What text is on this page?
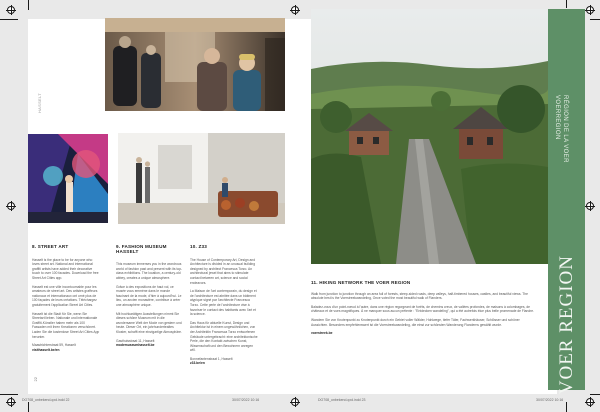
HASSELT
8. STREET ART

Hasselt is the place to be for anyone who loves street art. National and international graffiti artists have added their decorative touch to over 100 facades. Download the free Street Art Cities app.

Hasselt est une ville incontournable pour les amateurs de street art. Des artistes graffeurs nationaux et internationaux ont orné plus de 100 façades de leurs créations. Téléchargez gratuitement l'application Street Art Cities.

Hasselt ist die Stadt für Sie, wenn Sie Streetart lieben. Nationale und internationale Graffiti-Künstler haben mehr als 100 Fassaden mit ihren Kreationen verschönert. Laden Sie die kostenlose Street Art Cities App herunter.

Maastrichterstraat 59, Hasselt
visithasselt.be/en
9. FASHION MUSEUM HASSELT

This museum immerses you in the wondrous world of fashion past and present with its top-class exhibitions. The location, a century-old abbey, creates a unique atmosphere.

Grâce à des expositions de haut vol, ce musée vous emmène dans le monde fascinant de la mode, d'hier à aujourd'hui. Le lieu, un ancien monastère, contribue à créer une atmosphère unique.

Mit hochkarätigen Ausstellungen nimmt Sie dieses schöne Museum mit in die wundersame Welt der Mode von gestern und heute. Dieser Ort, ein jahrhundertealtes Kloster, schafft eine einzigartige Atmosphäre.

Gasthuisstraat 11, Hasselt
modemuseumhasselt.be
10. Z33

The House of Contemporary Art, Design and Architecture is divided in an unusual building designed by architect Francesca Torzo. An architectural jewel that aims to stimulate contact between art, science and social endeavors.

La Maison de l'art contemporain, du design et de l'architecture est abritée dans un bâtiment atypique signé par l'architecte Francesca Torzo. Cette perle de l'architecture vise à favoriser le contact des habitants avec l'art et la science.

Das Haus für aktuelle Kunst, Design und Architektur ist in einem ungewöhnlichen, von der Architektin Francesca Torzo entworfenen Gebäude untergebracht: eine architektonische Perle, die den Kontakt zwischen Kunst, Wissenschaft und den Bewohnern anregen will.

Bonnefantenstraat 1, Hasselt
z33.be/en
22
11. HIKING NETWORK THE VOER REGION

Walk from junction to junction through an area full of forests, steep-sided roads, deep valleys, half-timbered houses, castles, and beautiful views. The absolute best is the Voerstreekwandeling, Once voted the most beautiful walk of Flanders.

Baladez-vous d'un point-nœud à l'autre, dans une région regorgeant de forêts, de chemins creux, de vallées profondes, de maisons à colombages, de châteaux et de vues magnifiques. À ne manquer sous aucun prétexte : "Entdecken wandeling", qui a été autrefois élue plus belle promenade de Flandre.

Wandern Sie von Knotenpunkt zu Knotenpunkt durch ein Gebiet voller Wälder, Hohlwege, tiefer Täler, Fachwerkhäuser, Schlösser und schöner Aussichten. Besonders empfehlenswert ist die Voerstreekwandeling, die einst zur schönsten Wanderung Flanderns gewählt wurde.

voerstreek.be
RÉGION DE LA VOER
VOERREGION
VOER REGION
DO708_onbekend.qxd.indd 22	30/07/2022 10:16	DO708_onbekend.qxd.indd 23	30/07/2022 10:16
